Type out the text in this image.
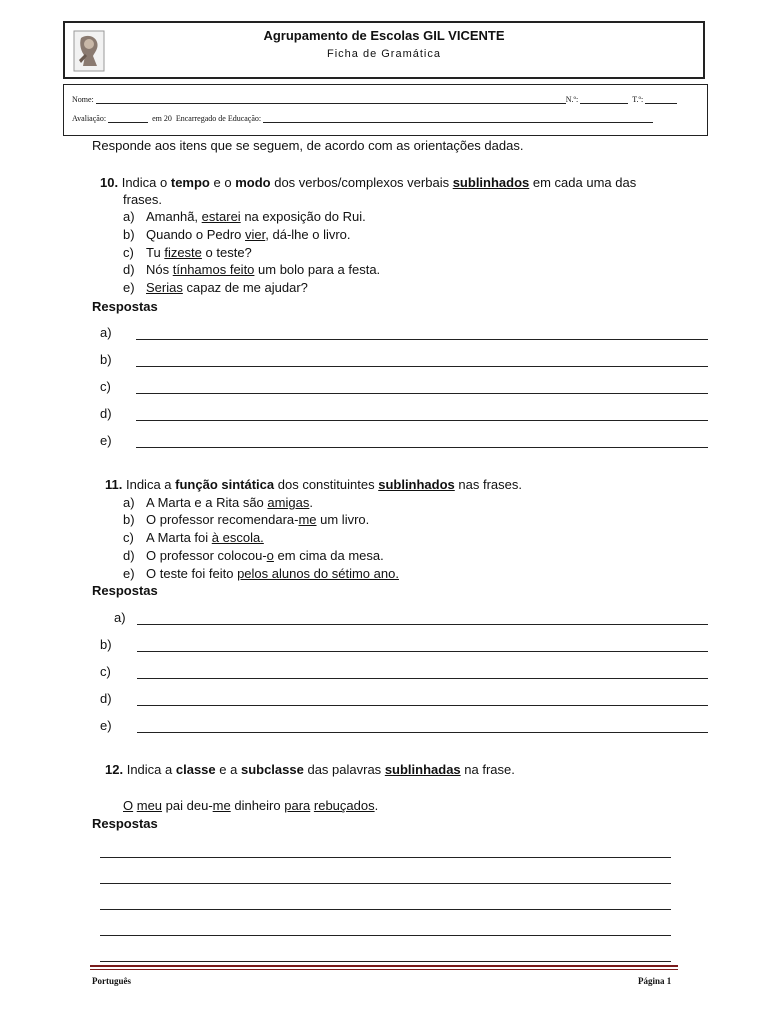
Agrupamento de Escolas GIL VICENTE
Ficha de Gramática
Nome:	N.º:	T.º:
Avaliação:	em 20 Encarregado de Educação:
Responde aos itens que se seguem, de acordo com as orientações dadas.
10. Indica o tempo e o modo dos verbos/complexos verbais sublinhados em cada uma das
frases.
a) Amanhã, estarei na exposição do Rui.
b) Quando o Pedro vier, dá-lhe o livro.
c) Tu fizeste o teste?
d) Nós tínhamos feito um bolo para a festa.
e) Serias capaz de me ajudar?
Respostas
a)
b)
c)
d)
e)
11. Indica a função sintática dos constituintes sublinhados nas frases.
a) A Marta e a Rita são amigas.
b) O professor recomendara-me um livro.
c) A Marta foi à escola.
d) O professor colocou-o em cima da mesa.
e) O teste foi feito pelos alunos do sétimo ano.
Respostas
a)
b)
c)
d)
e)
12. Indica a classe e a subclasse das palavras sublinhadas na frase.
O meu pai deu-me dinheiro para rebuçados.
Respostas
Português	Página 1
